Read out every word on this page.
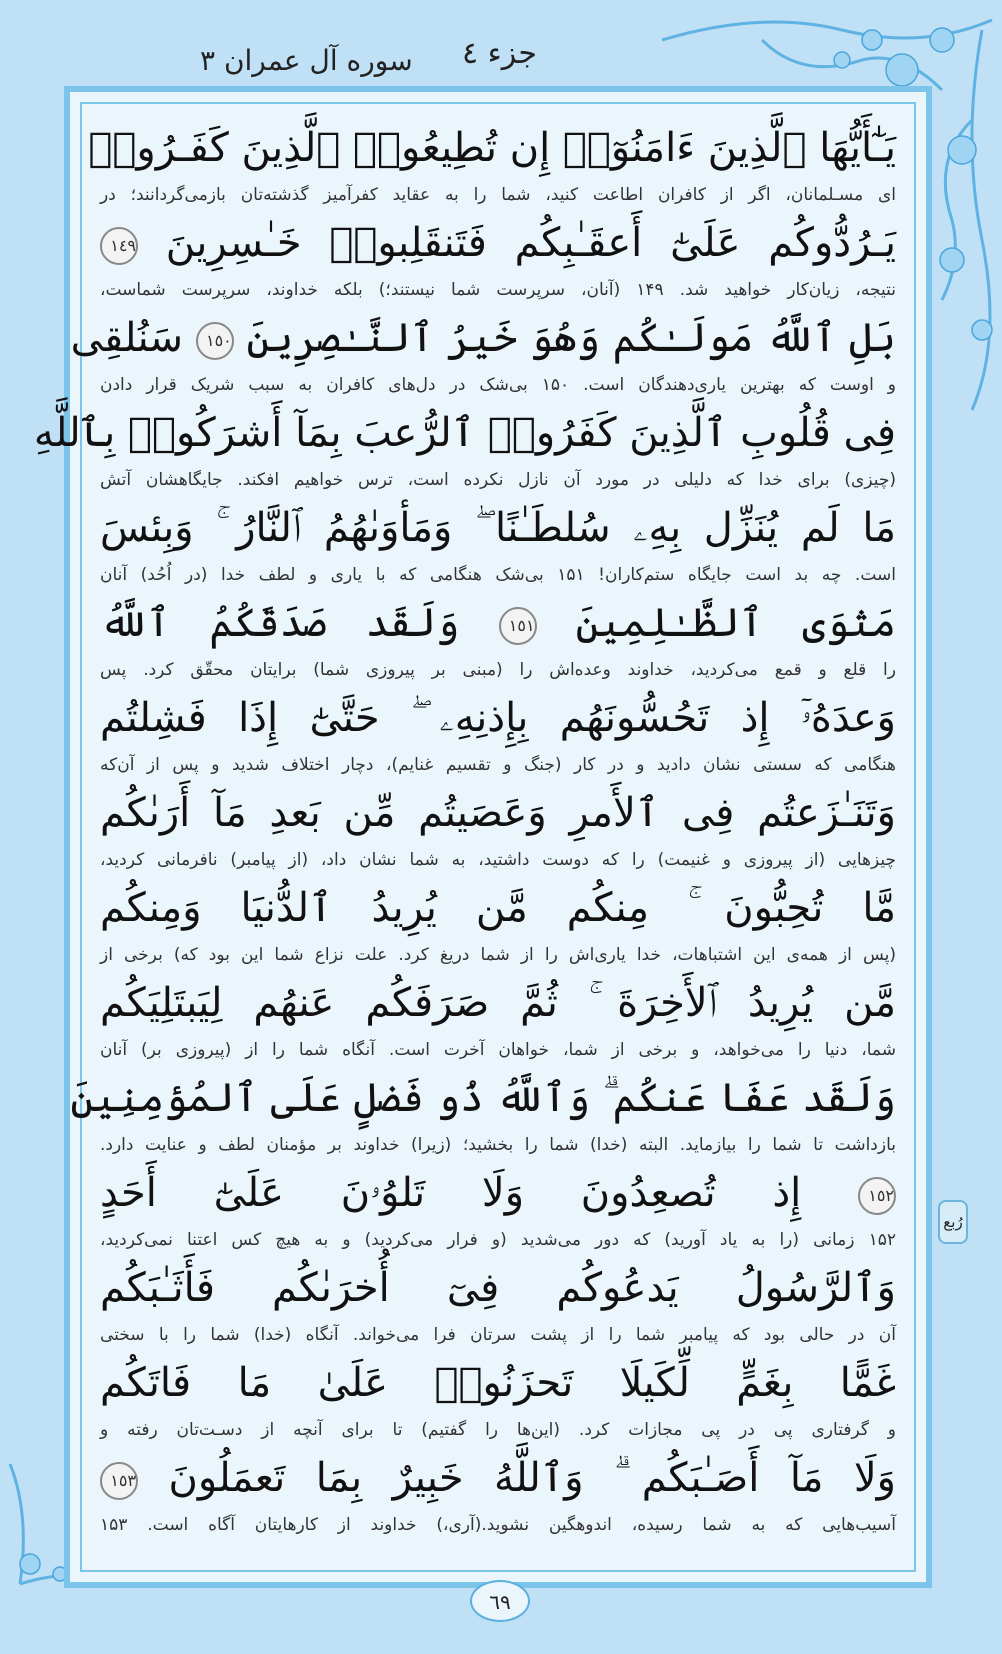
جزء ٤
سوره آل عمران ٣
يَـٰٓأَيُّهَا ٱلَّذِينَ ءَامَنُوٓا۟ إِن تُطِيعُوا۟ ٱلَّذِينَ كَفَـرُوا۟
ای مسـلمانان، اگر از کافران اطاعت کنید، شما را به عقاید کفرآمیز گذشته‌تان بازمی‌گردانند؛ در
يَـرُدُّوكُم عَلَىٰٓ أَعقَـٰبِكُم فَتَنقَلِبوا۟ خَـٰسِرِينَ ١٤٩
نتیجه، زیان‌کار خواهید شد. ۱۴۹ (آنان، سرپرست شما نیستند؛) بلکه خداوند، سرپرست شماست،
بَلِ ٱللَّهُ مَولَـٰكُم وَهُوَ خَيرُ ٱلنَّـٰصِرِينَ ١٥٠ سَنُلقِى
و اوست که بهترین یاری‌دهندگان است. ۱۵۰ بی‌شک در دل‌های کافران به سبب شریک قرار دادن
فِى قُلُوبِ ٱلَّذِينَ كَفَرُوا۟ ٱلرُّعبَ بِمَآ أَشرَكُوا۟ بِٱللَّهِ
(چیزی) برای خدا که دلیلی در مورد آن نازل نکرده است، ترس خواهیم افکند. جایگاهشان آتش
مَا لَم يُنَزِّل بِهِۦ سُلطَـٰنًا ۖ وَمَأوَىٰهُمُ ٱلنَّارُ ۚ وَبِئسَ
است. چه بد است جایگاه ستم‌کاران! ۱۵۱ بی‌شک هنگامی که با یاری و لطف خدا (در اُحُد) آنان
مَثوَى ٱلظَّـٰلِمِينَ ١٥١ وَلَقَد صَدَقَكُمُ ٱللَّهُ
را قلع و قمع می‌کردید، خداوند وعده‌اش را (مبنی بر پیروزی شما) برایتان محقّق کرد. پس
وَعدَهُۥٓ إِذ تَحُسُّونَهُم بِإِذنِهِۦ ۖ حَتَّىٰٓ إِذَا فَشِلتُم
هنگامی که سستی نشان دادید و در کار (جنگ و تقسیم غنایم)، دچار اختلاف شدید و پس از آن‌که
وَتَنَـٰزَعتُم فِى ٱلأَمرِ وَعَصَيتُم مِّن بَعدِ مَآ أَرَىٰكُم
چیزهایی (از پیروزی و غنیمت) را که دوست داشتید، به شما نشان داد، (از پیامبر) نافرمانی کردید،
مَّا تُحِبُّونَ ۚ مِنكُم مَّن يُرِيدُ ٱلدُّنيَا وَمِنكُم
(پس از همه‌ی این اشتباهات، خدا یاری‌اش را از شما دریغ کرد. علت نزاع شما این بود که) برخی از
مَّن يُرِيدُ ٱلأَخِرَةَ ۚ ثُمَّ صَرَفَكُم عَنهُم لِيَبتَلِيَكُم
شما، دنیا را می‌خواهد، و برخی از شما، خواهان آخرت است. آنگاه شما را از (پیروزی بر) آنان
وَلَقَد عَفَا عَنكُم ۗ وَٱللَّهُ ذُو فَضلٍ عَلَى ٱلمُؤمِنِينَ
بازداشت تا شما را بیازماید. البته (خدا) شما را بخشید؛ (زیرا) خداوند بر مؤمنان لطف و عنایت دارد.
١٥٢ إِذ تُصعِدُونَ وَلَا تَلوُۥنَ عَلَىٰٓ أَحَدٍ
۱۵۲ زمانی (را به یاد آورید) که دور می‌شدید (و فرار می‌کردید) و به هیچ کس اعتنا نمی‌کردید،
وَٱلرَّسُولُ يَدعُوكُم فِىٓ أُخرَىٰكُم فَأَثَـٰبَكُم
آن در حالی بود که پیامبر شما را از پشت سرتان فرا می‌خواند. آنگاه (خدا) شما را با سختی
غَمًّا بِغَمٍّ لِّكَيلَا تَحزَنُوا۟ عَلَىٰ مَا فَاتَكُم
و گرفتاری پی در پی مجازات کرد. (این‌ها را گفتیم) تا برای آنچه از دسـت‌تان رفته و
وَلَا مَآ أَصَـٰبَكُم ۗ وَٱللَّهُ خَبِيرٌ بِمَا تَعمَلُونَ ١٥٣
آسیب‌هایی که به شما رسیده، اندوهگین نشوید.(آری،) خداوند از کارهایتان آگاه است. ۱۵۳
رُبع
٦٩
